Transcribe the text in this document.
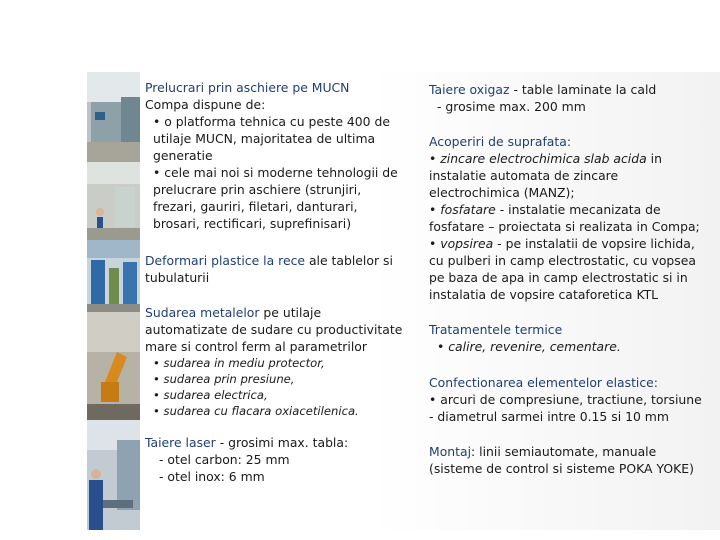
Prelucrari prin aschiere pe MUCN

Compa dispune de:

• o platforma tehnica cu peste 400 de

utilaje MUCN, majoritatea de ultima

generatie

• cele mai noi si moderne tehnologii de

prelucrare prin aschiere (strunjiri,

frezari, gauriri, filetari, danturari,

brosari, rectificari, suprefinisari)

Deformari plastice la rece ale tablelor si

tubulaturii

Sudarea metalelor pe utilaje

automatizate de sudare cu productivitate

mare si control ferm al parametrilor

• sudarea in mediu protector,

• sudarea prin presiune,

• sudarea electrica,

• sudarea cu flacara oxiacetilenica.

Taiere laser - grosimi max. tabla:

- otel carbon: 25 mm

- otel inox: 6 mm

Taiere oxigaz - table laminate la cald

- grosime max. 200 mm

Acoperiri de suprafata:

• zincare electrochimica slab acida in

instalatie automata de zincare

electrochimica (MANZ);

• fosfatare - instalatie mecanizata de

fosfatare – proiectata si realizata in Compa;

• vopsirea - pe instalatii de vopsire lichida,

cu pulberi in camp electrostatic, cu vopsea

pe baza de apa in camp electrostatic si in

instalatia de vopsire cataforetica KTL

Tratamentele termice

• calire, revenire, cementare.

Confectionarea elementelor elastice:

• arcuri de compresiune, tractiune, torsiune

- diametrul sarmei intre 0.15 si 10 mm

Montaj: linii semiautomate, manuale

(sisteme de control si sisteme POKA YOKE)
